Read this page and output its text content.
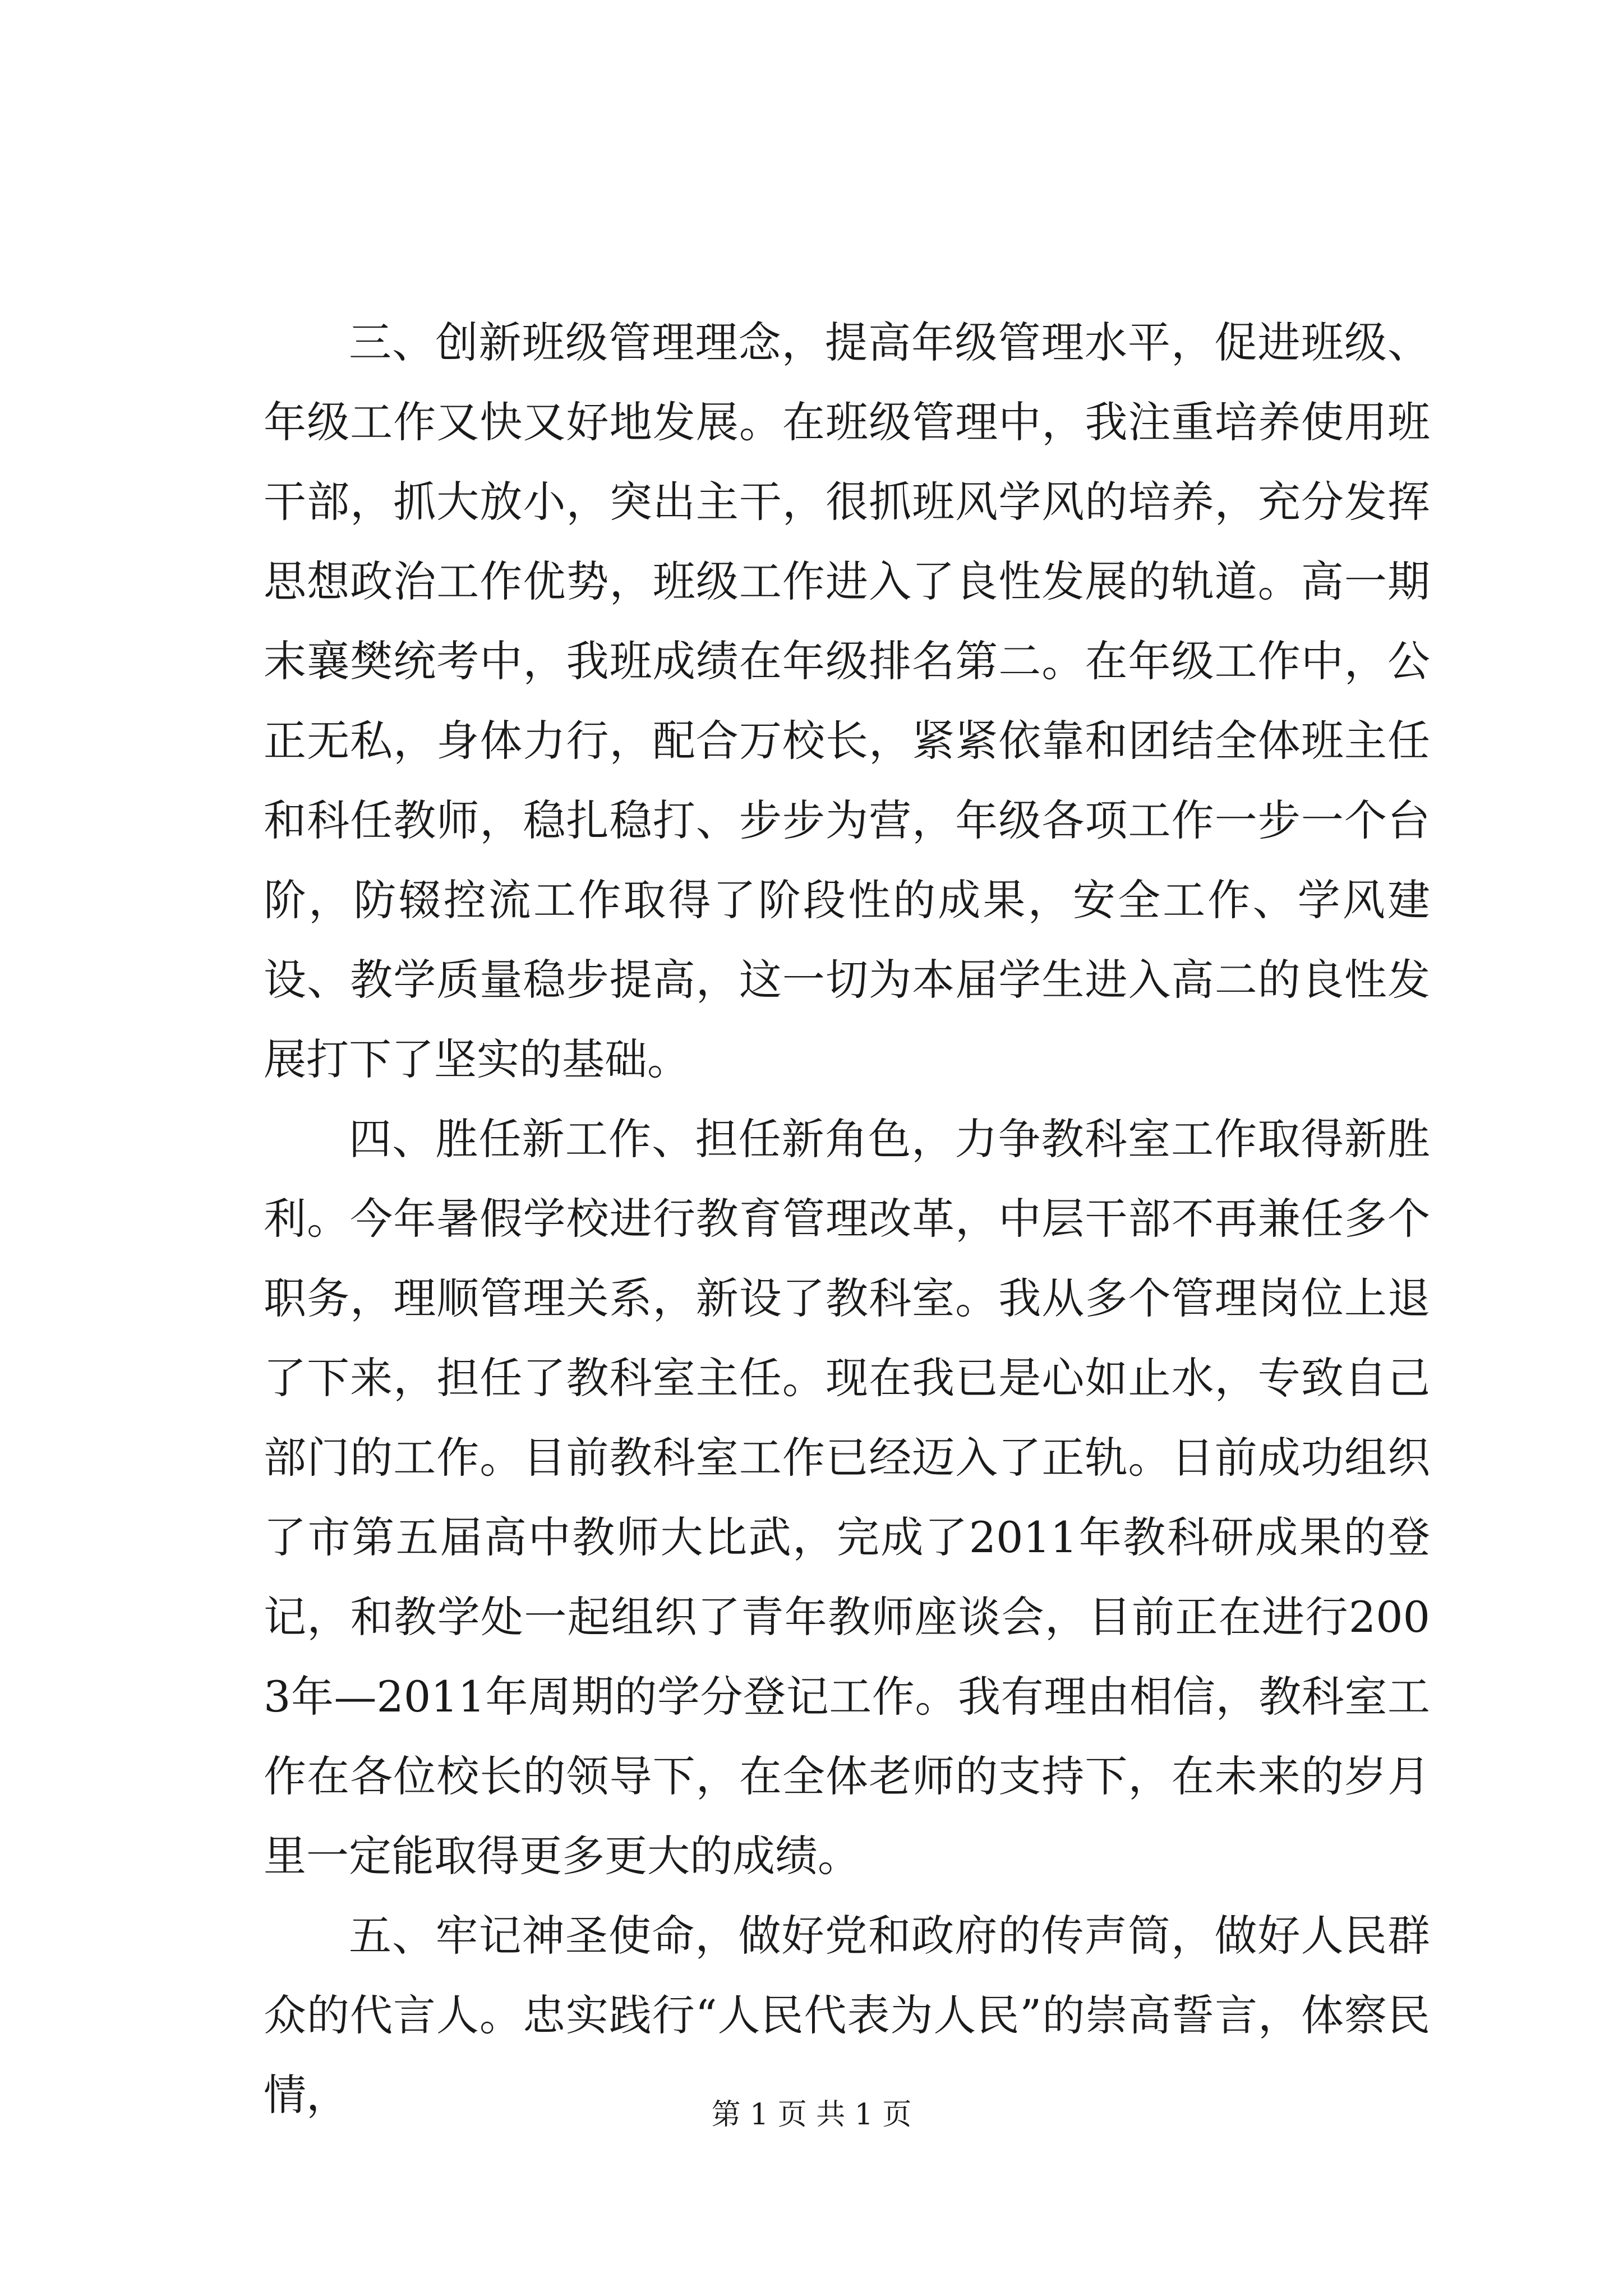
三、创新班级管理理念，提高年级管理水平，促进班级、年级工作又快又好地发展。在班级管理中，我注重培养使用班干部，抓大放小，突出主干，很抓班风学风的培养，充分发挥思想政治工作优势，班级工作进入了良性发展的轨道。高一期末襄樊统考中，我班成绩在年级排名第二。在年级工作中，公正无私，身体力行，配合万校长，紧紧依靠和团结全体班主任和科任教师，稳扎稳打、步步为营，年级各项工作一步一个台阶，防辍控流工作取得了阶段性的成果，安全工作、学风建设、教学质量稳步提高，这一切为本届学生进入高二的良性发展打下了坚实的基础。

四、胜任新工作、担任新角色，力争教科室工作取得新胜利。今年暑假学校进行教育管理改革，中层干部不再兼任多个职务，理顺管理关系，新设了教科室。我从多个管理岗位上退了下来，担任了教科室主任。现在我已是心如止水，专致自己部门的工作。目前教科室工作已经迈入了正轨。日前成功组织了市第五届高中教师大比武，完成了2011年教科研成果的登记，和教学处一起组织了青年教师座谈会，目前正在进行2003年—2011年周期的学分登记工作。我有理由相信，教科室工作在各位校长的领导下，在全体老师的支持下，在未来的岁月里一定能取得更多更大的成绩。

五、牢记神圣使命，做好党和政府的传声筒，做好人民群众的代言人。忠实践行“人民代表为人民”的崇高誓言，体察民情，	第 1 页 共 1 页
